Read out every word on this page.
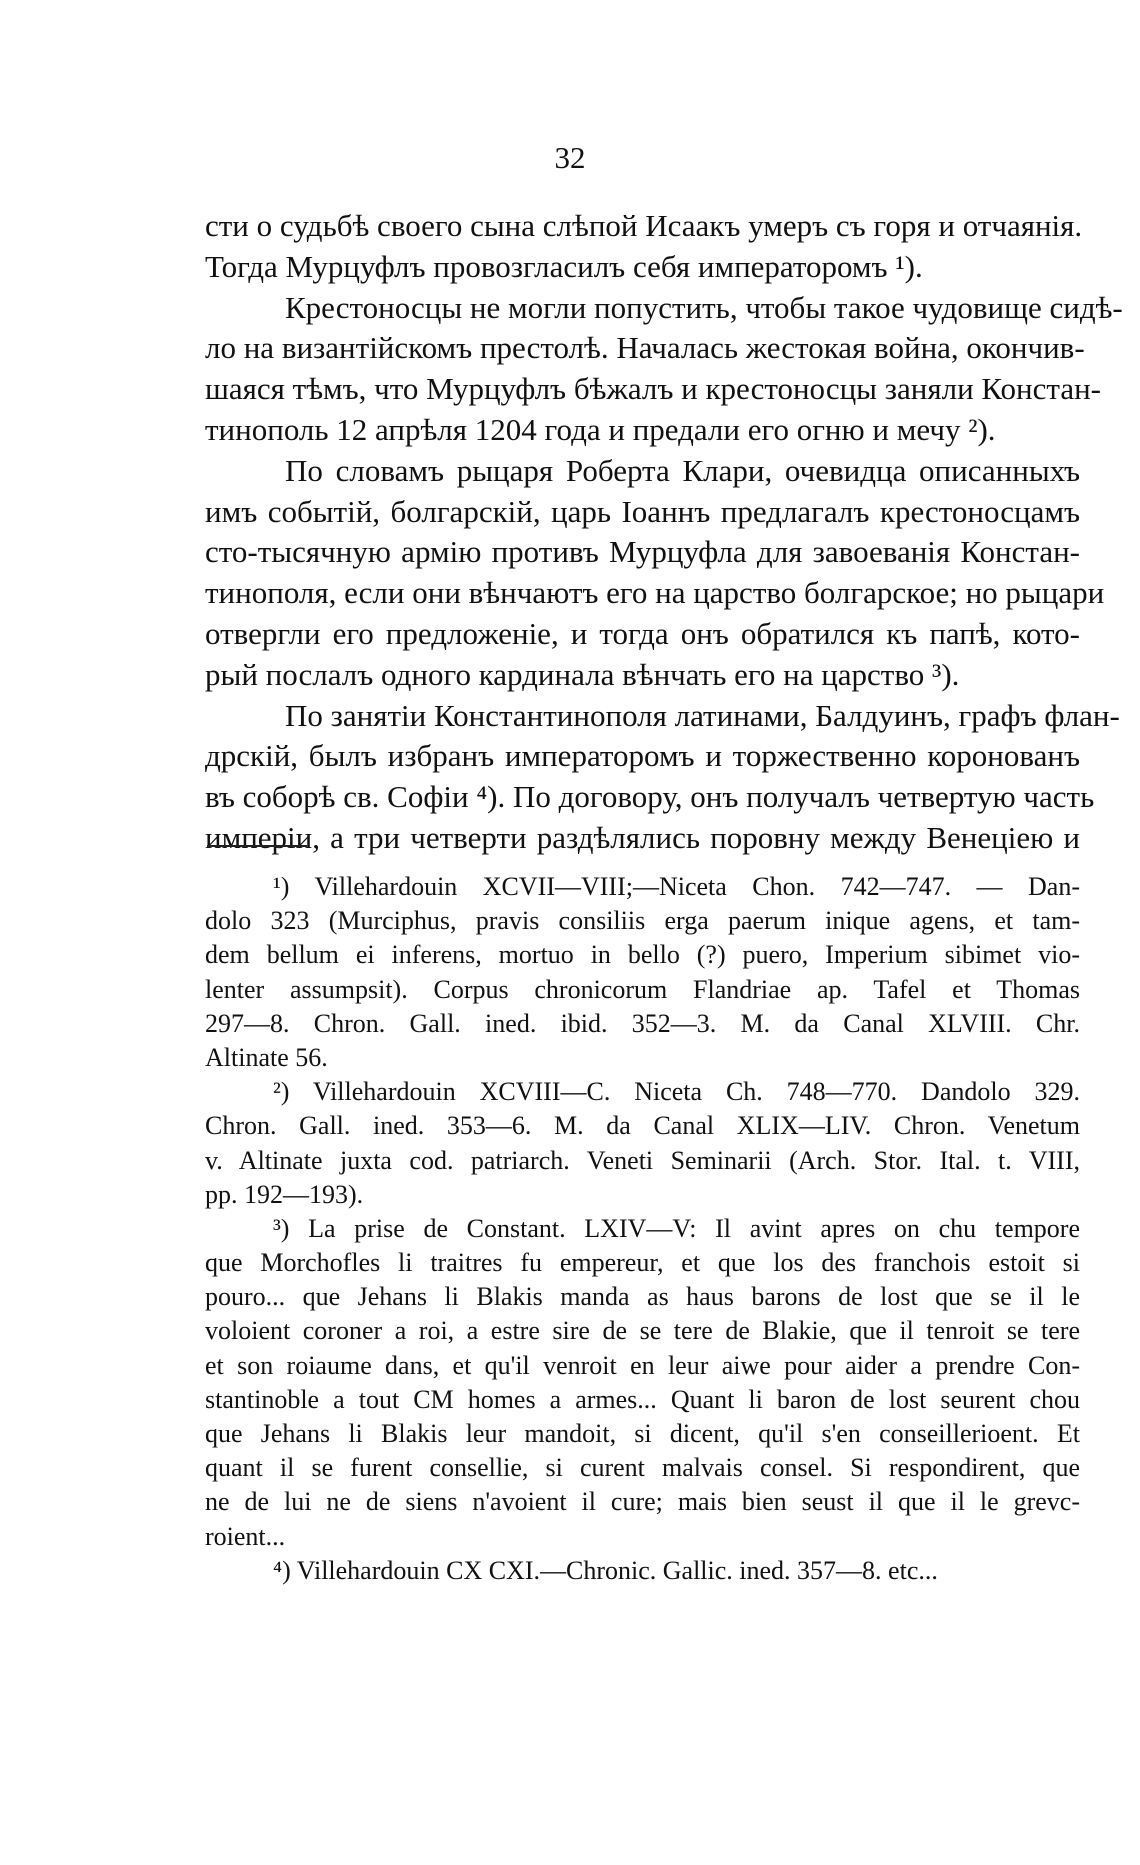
32
сти о судьбѣ своего сына слѣпой Исаакъ умеръ съ горя и отчаянія.
Тогда Мурцуфлъ провозгласилъ себя императоромъ ¹).
Крестоносцы не могли попустить, чтобы такое чудовище сидѣ-
ло на византійскомъ престолѣ. Началась жестокая война, окончив-
шаяся тѣмъ, что Мурцуфлъ бѣжалъ и крестоносцы заняли Констан-
тинополь 12 апрѣля 1204 года и предали его огню и мечу ²).
По словамъ рыцаря Роберта Клари, очевидца описанныхъ
имъ событій, болгарскій, царь Іоаннъ предлагалъ крестоносцамъ
сто-тысячную армію противъ Мурцуфла для завоеванія Констан-
тинополя, если они вѣнчаютъ его на царство болгарское; но рыцари
отвергли его предложеніе, и тогда онъ обратился къ папѣ, кото-
рый послалъ одного кардинала вѣнчать его на царство ³).
По занятіи Константинополя латинами, Балдуинъ, графъ флан-
дрскій, былъ избранъ императоромъ и торжественно коронованъ
въ соборѣ св. Софіи ⁴). По договору, онъ получалъ четвертую часть
имперіи, а три четверти раздѣлялись поровну между Венеціею и
¹) Villehardouin XCVII—VIII;—Niceta Chon. 742—747. — Dan-
dolo 323 (Murciphus, pravis consiliis erga paerum inique agens, et tam-
dem bellum ei inferens, mortuo in bello (?) puero, Imperium sibimet vio-
lenter assumpsit). Corpus chronicorum Flandriae ap. Tafel et Thomas
297—8. Chron. Gall. ined. ibid. 352—3. M. da Canal XLVIII. Chr.
Altinate 56.
²) Villehardouin XCVIII—C. Niceta Ch. 748—770. Dandolo 329.
Chron. Gall. ined. 353—6. M. da Canal XLIX—LIV. Chron. Venetum
v. Altinate juxta cod. patriarch. Veneti Seminarii (Arch. Stor. Ital. t. VIII,
pp. 192—193).
³) La prise de Constant. LXIV—V: Il avint apres on chu tempore
que Morchofles li traitres fu empereur, et que los des franchois estoit si
pouro... que Jehans li Blakis manda as haus barons de lost que se il le
voloient coroner a roi, a estre sire de se tere de Blakie, que il tenroit se tere
et son roiaume dans, et qu'il venroit en leur aiwe pour aider a prendre Con-
stantinoble a tout CM homes a armes... Quant li baron de lost seurent chou
que Jehans li Blakis leur mandoit, si dicent, qu'il s'en conseillerioent. Et
quant il se furent consellie, si curent malvais consel. Si respondirent, que
ne de lui ne de siens n'avoient il cure; mais bien seust il que il le grevc-
roient...
⁴) Villehardouin CX CXI.—Chronic. Gallic. ined. 357—8. etc...
